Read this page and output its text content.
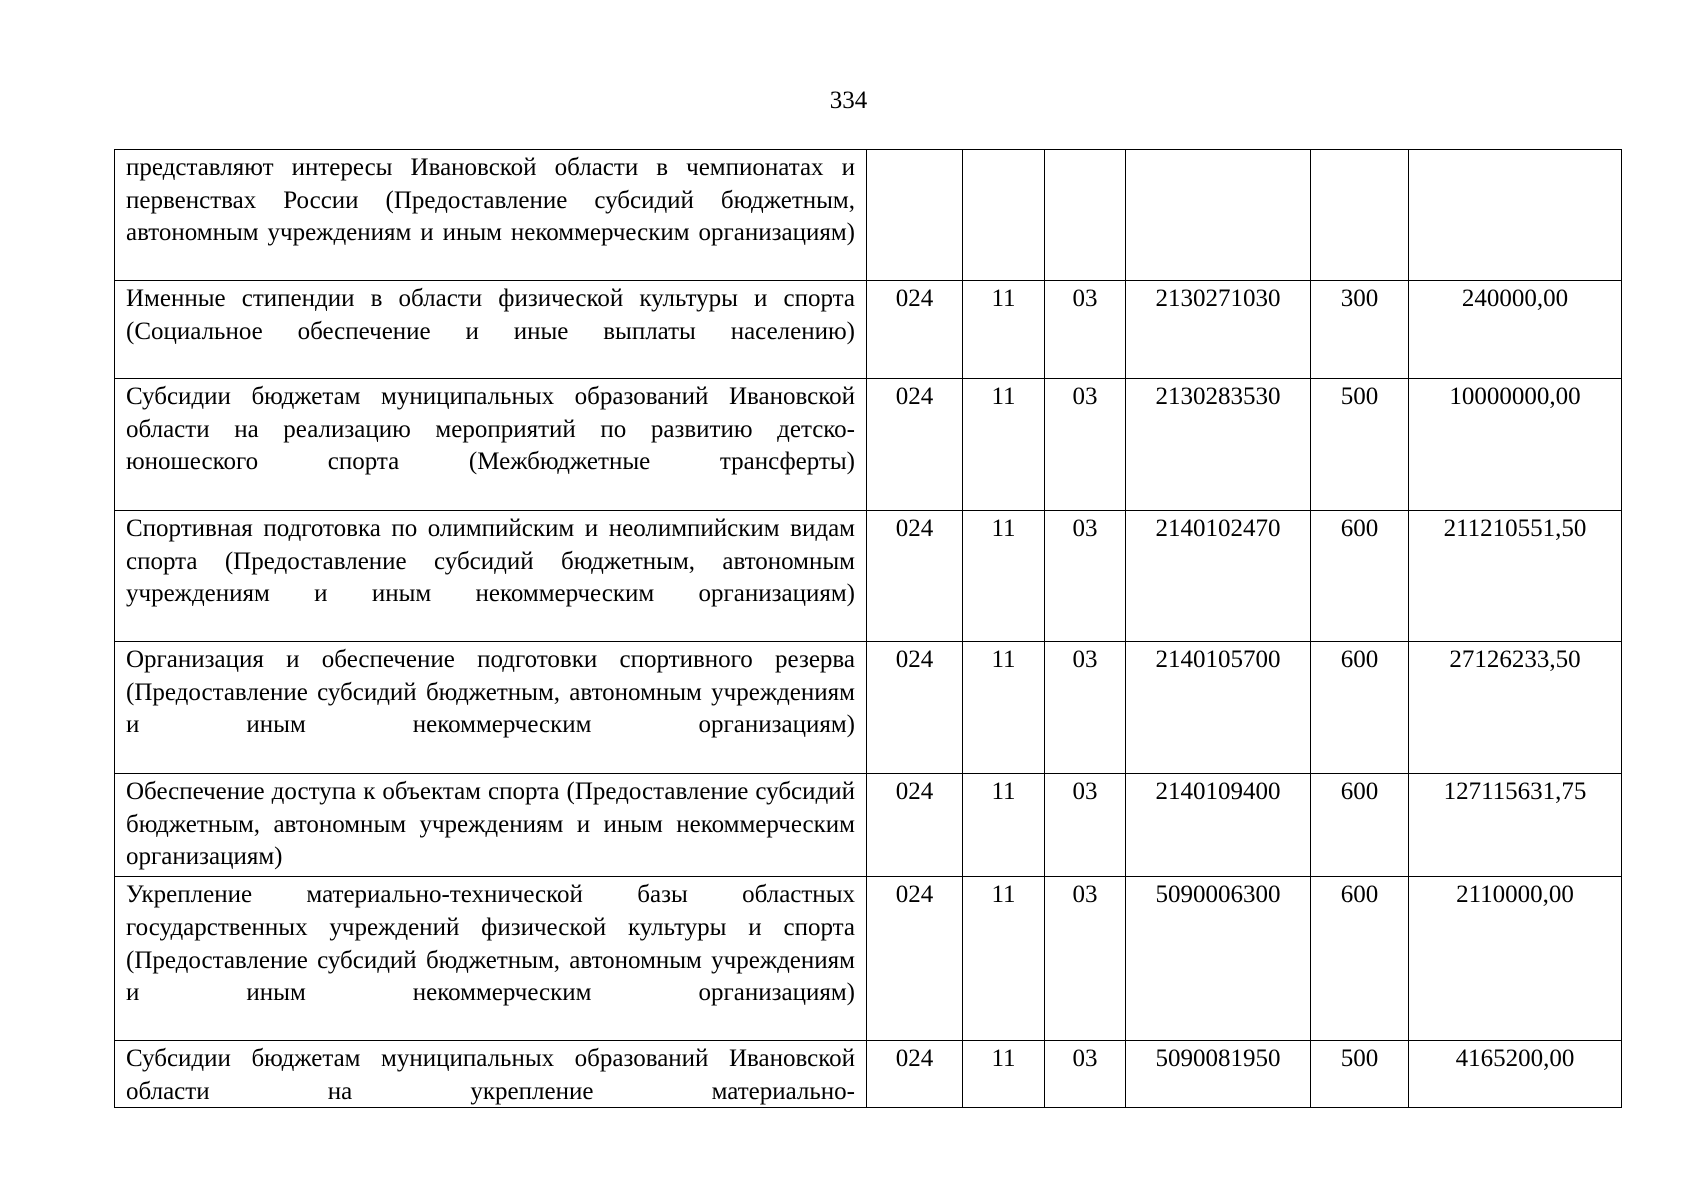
334
представляют интересы Ивановской области в чемпионатах и первенствах России (Предоставление субсидий бюджетным, автономным учреждениям и иным некоммерческим организациям)						
Именные стипендии в области физической культуры и спорта (Социальное обеспечение и иные выплаты населению)	024	11	03	2130271030	300	240000,00
Субсидии бюджетам муниципальных образований Ивановской области на реализацию мероприятий по развитию детско-юношеского спорта (Межбюджетные трансферты)	024	11	03	2130283530	500	10000000,00
Спортивная подготовка по олимпийским и неолимпийским видам спорта (Предоставление субсидий бюджетным, автономным учреждениям и иным некоммерческим организациям)	024	11	03	2140102470	600	211210551,50
Организация и обеспечение подготовки спортивного резерва (Предоставление субсидий бюджетным, автономным учреждениям и иным некоммерческим организациям)	024	11	03	2140105700	600	27126233,50
Обеспечение доступа к объектам спорта (Предоставление субсидий бюджетным, автономным учреждениям и иным некоммерческим организациям)	024	11	03	2140109400	600	127115631,75
Укрепление материально-технической базы областных государственных учреждений физической культуры и спорта (Предоставление субсидий бюджетным, автономным учреждениям и иным некоммерческим организациям)	024	11	03	5090006300	600	2110000,00

Субсидии бюджетам муниципальных образований Ивановской области на укрепление материально-	024	11	03	5090081950	500	4165200,00
